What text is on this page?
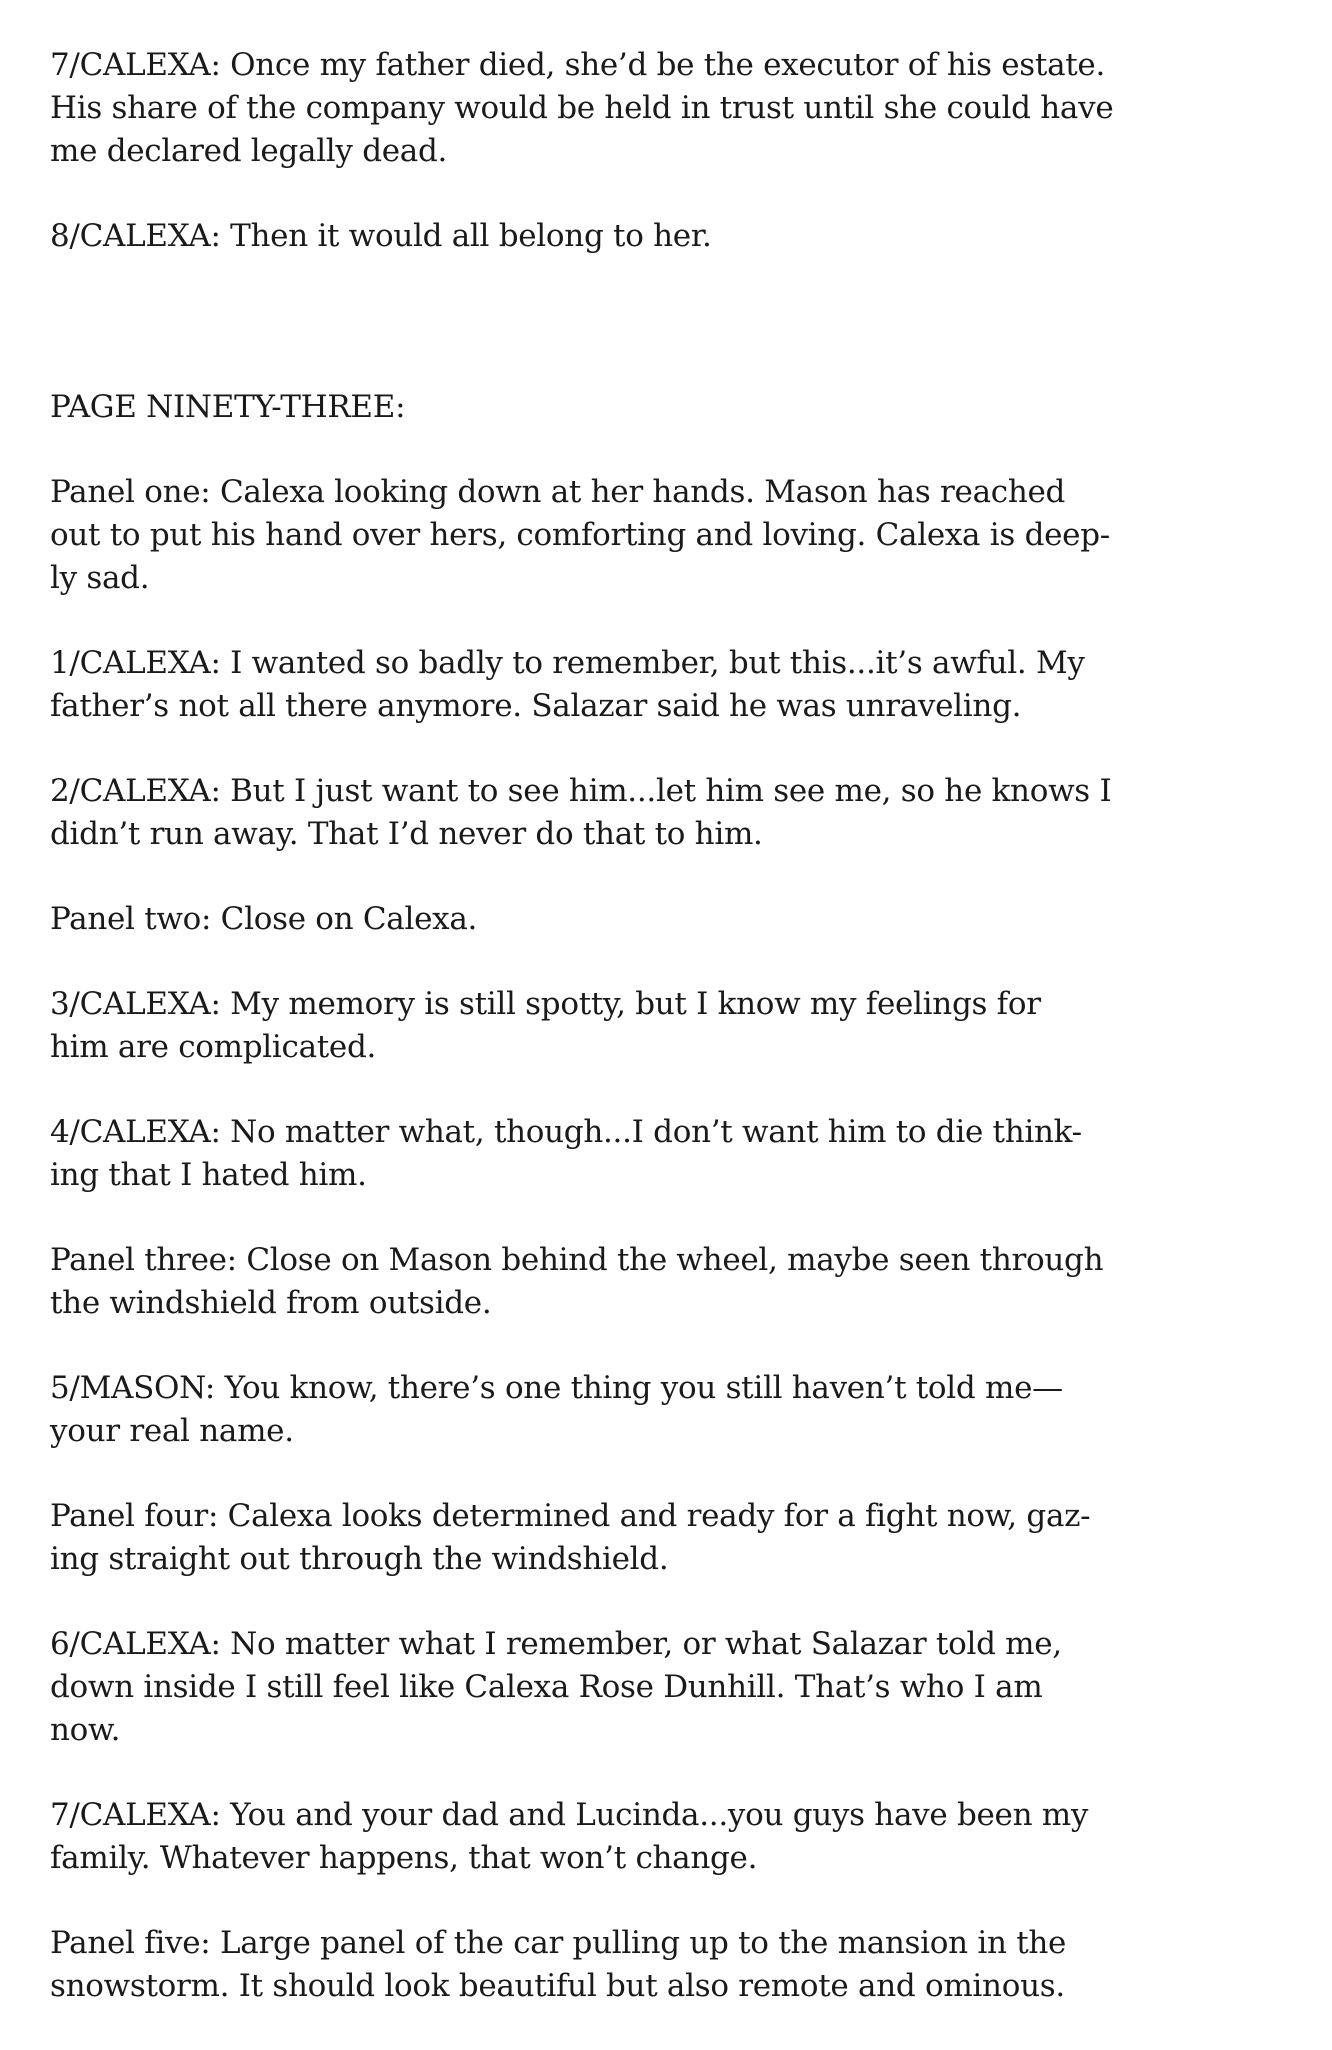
7/CALEXA: Once my father died, she’d be the executor of his estate.
His share of the company would be held in trust until she could have
me declared legally dead.

8/CALEXA: Then it would all belong to her.

PAGE NINETY-THREE:

Panel one: Calexa looking down at her hands. Mason has reached
out to put his hand over hers, comforting and loving. Calexa is deep-
ly sad.

1/CALEXA: I wanted so badly to remember, but this...it’s awful. My
father’s not all there anymore. Salazar said he was unraveling.

2/CALEXA: But I just want to see him...let him see me, so he knows I
didn’t run away. That I’d never do that to him.

Panel two: Close on Calexa.

3/CALEXA: My memory is still spotty, but I know my feelings for
him are complicated.

4/CALEXA: No matter what, though...I don’t want him to die think-
ing that I hated him.

Panel three: Close on Mason behind the wheel, maybe seen through
the windshield from outside.

5/MASON: You know, there’s one thing you still haven’t told me—
your real name.

Panel four: Calexa looks determined and ready for a fight now, gaz-
ing straight out through the windshield.

6/CALEXA: No matter what I remember, or what Salazar told me,
down inside I still feel like Calexa Rose Dunhill. That’s who I am
now.

7/CALEXA: You and your dad and Lucinda...you guys have been my
family. Whatever happens, that won’t change.

Panel five: Large panel of the car pulling up to the mansion in the
snowstorm. It should look beautiful but also remote and ominous.
